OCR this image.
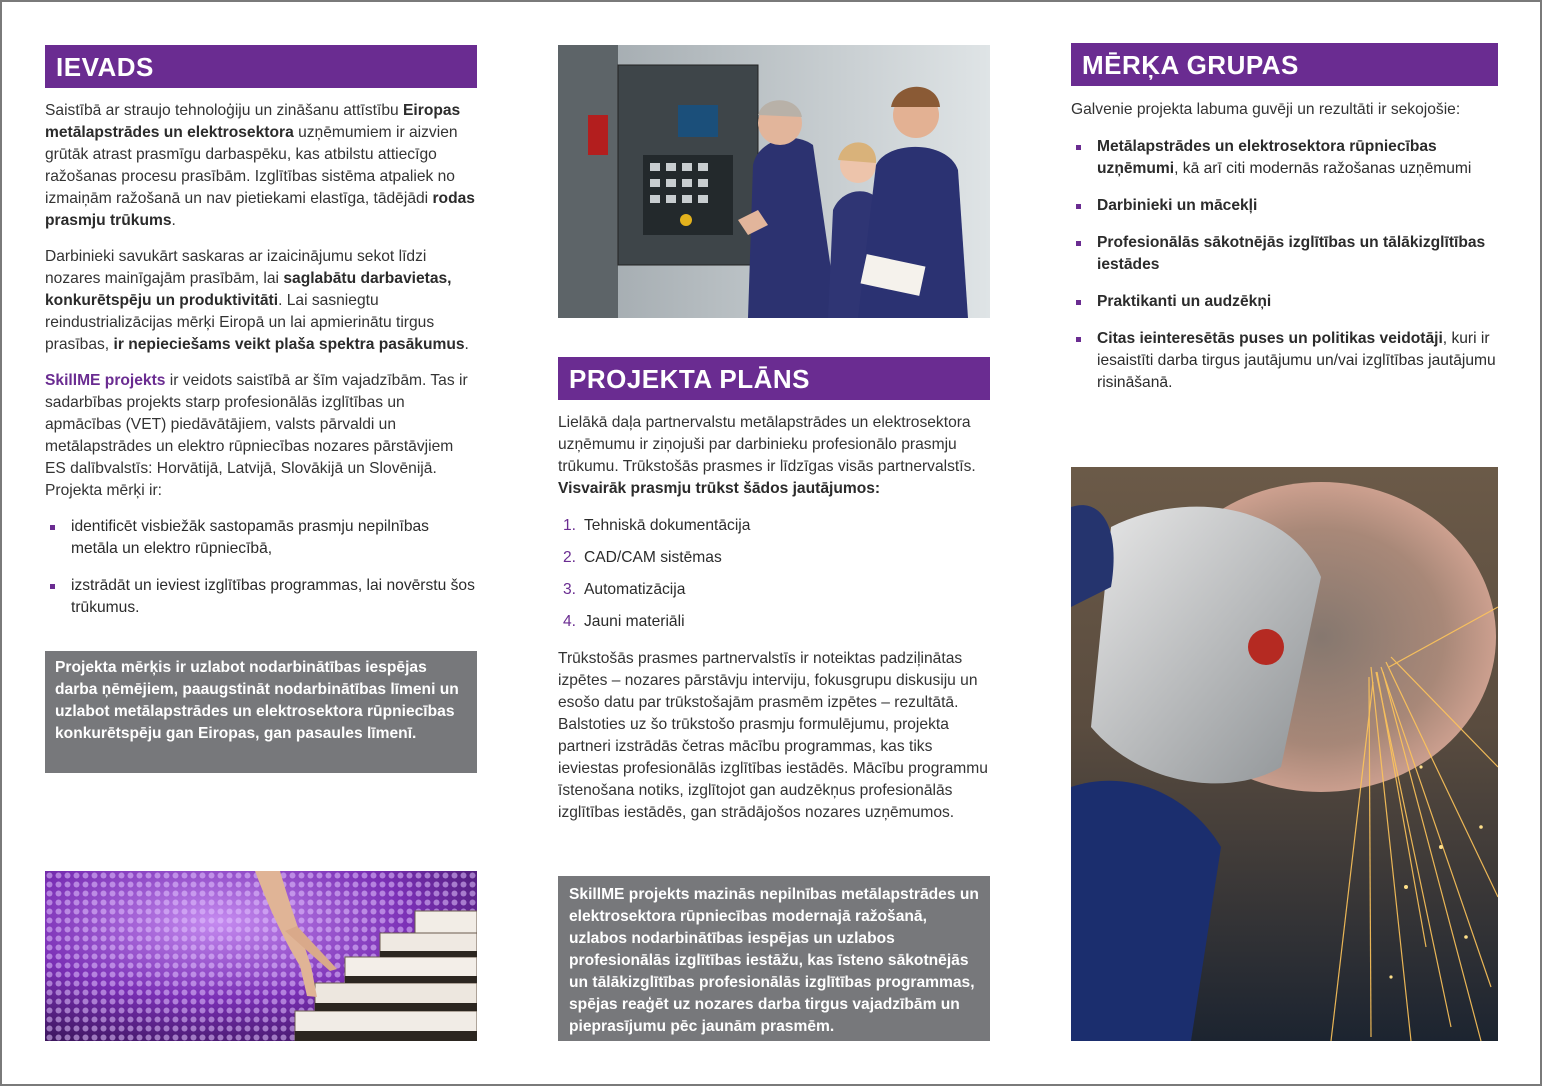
IEVADS

Saistībā ar straujo tehnoloģiju un zināšanu attīstību Eiropas metālapstrādes un elektrosektora uzņēmumiem ir aizvien grūtāk atrast prasmīgu darbaspēku, kas atbilstu attiecīgo ražošanas procesu prasībām. Izglītības sistēma atpaliek no izmaiņām ražošanā un nav pietiekami elastīga, tādējādi rodas prasmju trūkums.

Darbinieki savukārt saskaras ar izaicinājumu sekot līdzi nozares mainīgajām prasībām, lai saglabātu darbavietas, konkurētspēju un produktivitāti. Lai sasniegtu reindustrializācijas mērķi Eiropā un lai apmierinātu tirgus prasības, ir nepieciešams veikt plaša spektra pasākumus.

SkillME projekts ir veidots saistībā ar šīm vajadzībām. Tas ir sadarbības projekts starp profesionālās izglītības un apmācības (VET) piedāvātājiem, valsts pārvaldi un metālapstrādes un elektro rūpniecības nozares pārstāvjiem ES dalībvalstīs: Horvātijā, Latvijā, Slovākijā un Slovēnijā. Projekta mērķi ir:

identificēt visbiežāk sastopamās prasmju nepilnības metāla un elektro rūpniecībā,
izstrādāt un ieviest izglītības programmas, lai novērstu šos trūkumus.
Projekta mērķis ir uzlabot nodarbinātības iespējas darba ņēmējiem, paaugstināt nodarbinātības līmeni un uzlabot metālapstrādes un elektrosektora rūpniecības konkurētspēju gan Eiropas, gan pasaules līmenī.
PROJEKTA PLĀNS

Lielākā daļa partnervalstu metālapstrādes un elektrosektora uzņēmumu ir ziņojuši par darbinieku profesionālo prasmju trūkumu. Trūkstošās prasmes ir līdzīgas visās partnervalstīs. Visvairāk prasmju trūkst šādos jautājumos:

1. Tehniskā dokumentācija
2. CAD/CAM sistēmas
3. Automatizācija
4. Jauni materiāli

Trūkstošās prasmes partnervalstīs ir noteiktas padziļinātas izpētes – nozares pārstāvju interviju, fokusgrupu diskusiju un esošo datu par trūkstošajām prasmēm izpētes – rezultātā. Balstoties uz šo trūkstošo prasmju formulējumu, projekta partneri izstrādās četras mācību programmas, kas tiks ieviestas profesionālās izglītības iestādēs. Mācību programmu īstenošana notiks, izglītojot gan audzēkņus profesionālās izglītības iestādēs, gan strādājošos nozares uzņēmumos.

SkillME projekts mazinās nepilnības metālapstrādes un elektrosektora rūpniecības modernajā ražošanā, uzlabos nodarbinātības iespējas un uzlabos profesionālās izglītības iestāžu, kas īsteno sākotnējās un tālākizglītības profesionālās izglītības programmas, spējas reaģēt uz nozares darba tirgus vajadzībām un pieprasījumu pēc jaunām prasmēm.
MĒRĶA GRUPAS

Galvenie projekta labuma guvēji un rezultāti ir sekojošie:

Metālapstrādes un elektrosektora rūpniecības uzņēmumi, kā arī citi modernās ražošanas uzņēmumi
Darbinieki un mācekļi
Profesionālās sākotnējās izglītības un tālākizglītības iestādes
Praktikanti un audzēkņi
Citas ieinteresētās puses un politikas veidotāji, kuri ir iesaistīti darba tirgus jautājumu un/vai izglītības jautājumu risināšanā.
